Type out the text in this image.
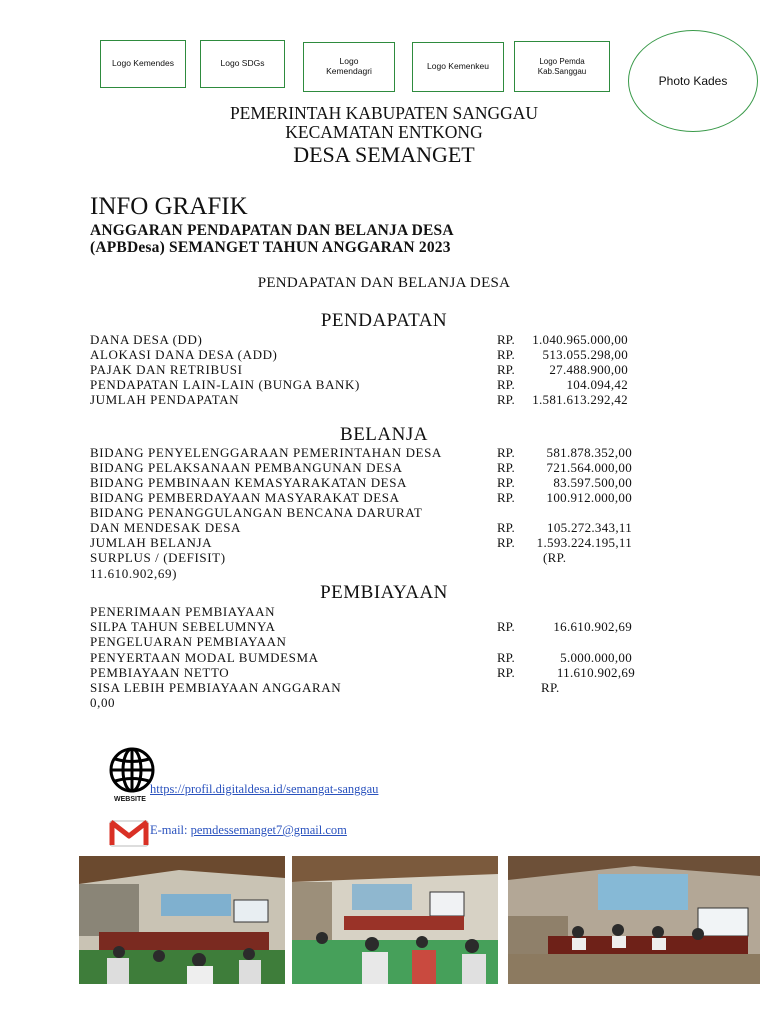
Logo Kemendes	Logo SDGs	Logo Kemendagri	Logo Kemenkeu	Logo Pemda Kab.Sanggau
Photo Kades
PEMERINTAH KABUPATEN SANGGAU
KECAMATAN ENTKONG
DESA SEMANGET
INFO GRAFIK
ANGGARAN PENDAPATAN DAN BELANJA DESA
(APBDesa) SEMANGET TAHUN ANGGARAN 2023
PENDAPATAN DAN BELANJA DESA
PENDAPATAN
DANA DESA (DD)	RP. 1.040.965.000,00
ALOKASI DANA DESA (ADD)	RP. 513.055.298,00
PAJAK DAN RETRIBUSI	RP.	27.488.900,00
PENDAPATAN LAIN-LAIN (BUNGA BANK)	RP.	104.094,42
JUMLAH PENDAPATAN	RP. 1.581.613.292,42
BELANJA
BIDANG PENYELENGGARAAN PEMERINTAHAN DESA	RP. 581.878.352,00
BIDANG PELAKSANAAN PEMBANGUNAN DESA	RP. 721.564.000,00
BIDANG PEMBINAAN KEMASYARAKATAN DESA	RP.	83.597.500,00
BIDANG PEMBERDAYAAN MASYARAKAT DESA	RP. 100.912.000,00
BIDANG PENANGGULANGAN BENCANA DARURAT
DAN MENDESAK DESA	RP. 105.272.343,11
JUMLAH BELANJA	RP. 1.593.224.195,11
SURPLUS / (DEFISIT)	(RP.
11.610.902,69)
PEMBIAYAAN
PENERIMAAN PEMBIAYAAN
SILPA TAHUN SEBELUMNYA	RP.	16.610.902,69
PENGELUARAN PEMBIAYAAN
PENYERTAAN MODAL BUMDESMA	RP.	5.000.000,00
PEMBIAYAAN NETTO	RP.	11.610.902,69
SISA LEBIH PEMBIAYAAN ANGGARAN	RP.
0,00
WEBSITE
https://profil.digitaldesa.id/semangat-sanggau
E-mail: pemdessemanget7@gmail.com
